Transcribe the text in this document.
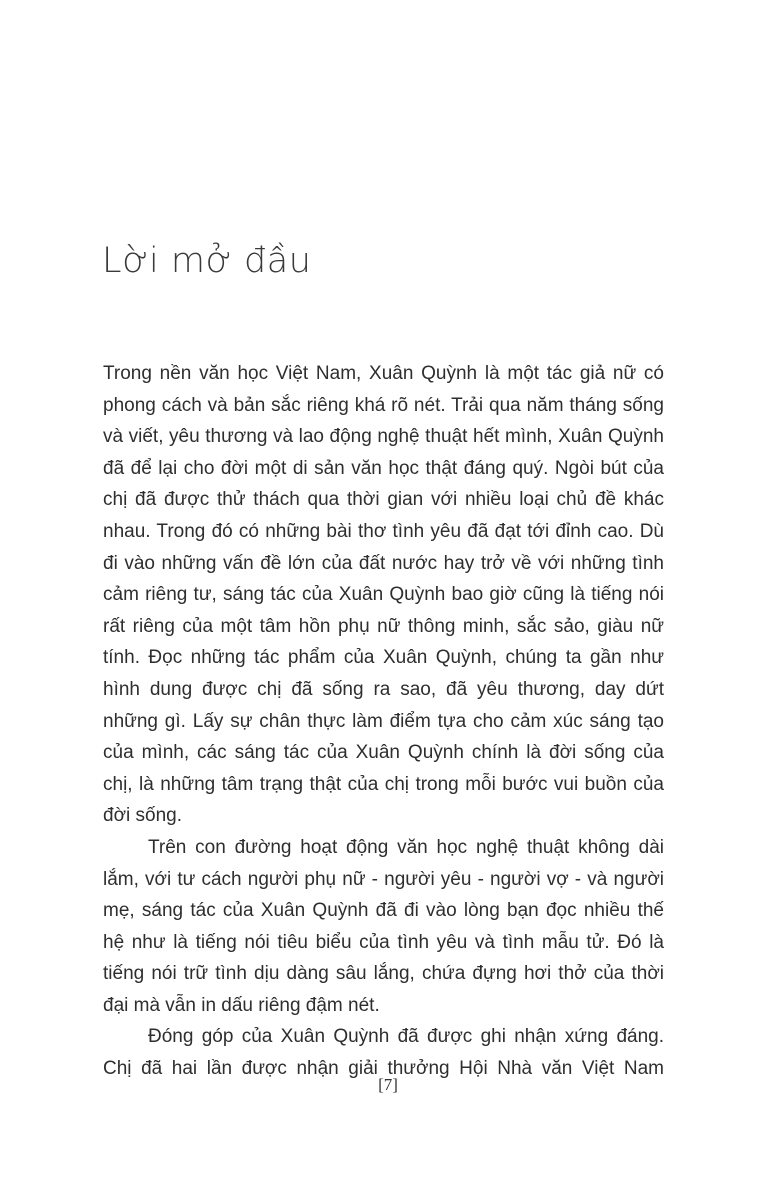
Lời mở đầu

Trong nền văn học Việt Nam, Xuân Quỳnh là một tác giả nữ có phong cách và bản sắc riêng khá rõ nét. Trải qua năm tháng sống và viết, yêu thương và lao động nghệ thuật hết mình, Xuân Quỳnh đã để lại cho đời một di sản văn học thật đáng quý. Ngòi bút của chị đã được thử thách qua thời gian với nhiều loại chủ đề khác nhau. Trong đó có những bài thơ tình yêu đã đạt tới đỉnh cao. Dù đi vào những vấn đề lớn của đất nước hay trở về với những tình cảm riêng tư, sáng tác của Xuân Quỳnh bao giờ cũng là tiếng nói rất riêng của một tâm hồn phụ nữ thông minh, sắc sảo, giàu nữ tính. Đọc những tác phẩm của Xuân Quỳnh, chúng ta gần như hình dung được chị đã sống ra sao, đã yêu thương, day dứt những gì. Lấy sự chân thực làm điểm tựa cho cảm xúc sáng tạo của mình, các sáng tác của Xuân Quỳnh chính là đời sống của chị, là những tâm trạng thật của chị trong mỗi bước vui buồn của đời sống.

Trên con đường hoạt động văn học nghệ thuật không dài lắm, với tư cách người phụ nữ - người yêu - người vợ - và người mẹ, sáng tác của Xuân Quỳnh đã đi vào lòng bạn đọc nhiều thế hệ như là tiếng nói tiêu biểu của tình yêu và tình mẫu tử. Đó là tiếng nói trữ tình dịu dàng sâu lắng, chứa đựng hơi thở của thời đại mà vẫn in dấu riêng đậm nét.

Đóng góp của Xuân Quỳnh đã được ghi nhận xứng đáng. Chị đã hai lần được nhận giải thưởng Hội Nhà văn Việt Nam

[7]
